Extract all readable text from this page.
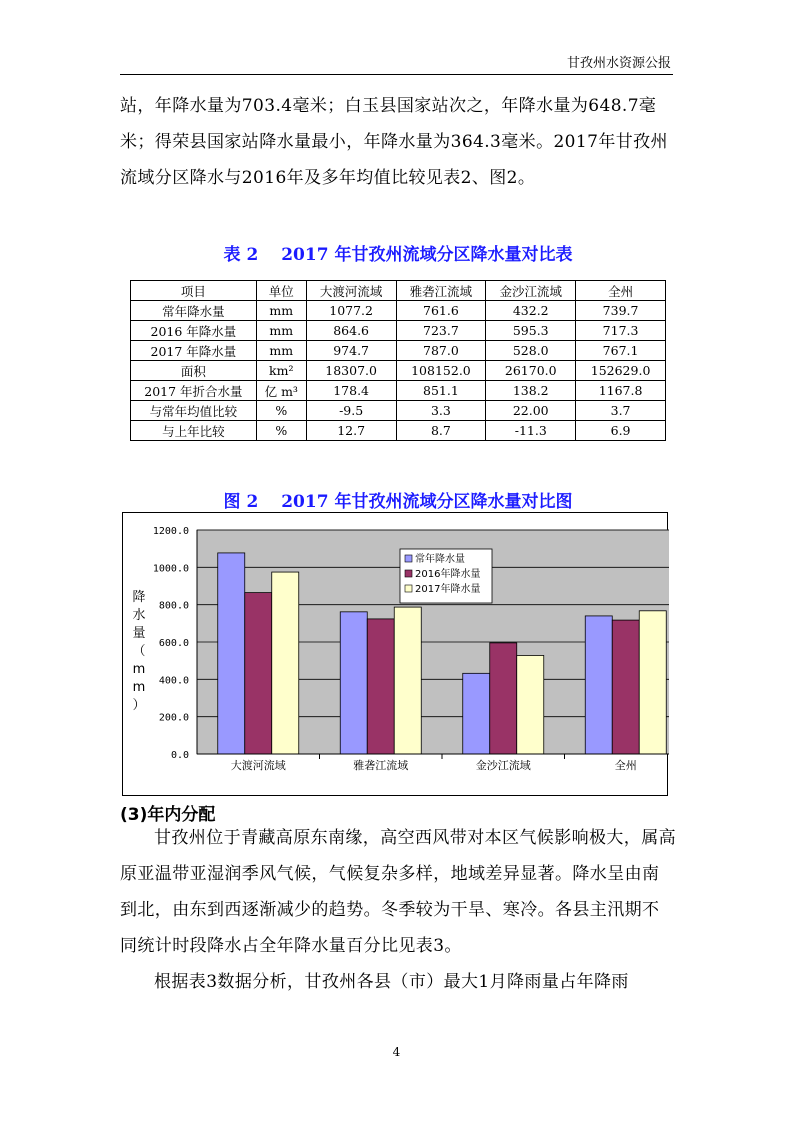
甘孜州水资源公报

站，年降水量为703.4毫米；白玉县国家站次之，年降水量为648.7毫米；得荣县国家站降水量最小，年降水量为364.3毫米。2017年甘孜州流域分区降水与2016年及多年均值比较见表2、图2。

表 2　 2017 年甘孜州流域分区降水量对比表
项目	单位	大渡河流域	雅砻江流域	金沙江流域	全州
常年降水量	mm	1077.2	761.6	432.2	739.7
2016 年降水量	mm	864.6	723.7	595.3	717.3
2017 年降水量	mm	974.7	787.0	528.0	767.1
面积	km²	18307.0	108152.0	26170.0	152629.0
2017 年折合水量	亿 m³	178.4	851.1	138.2	1167.8
与常年均值比较	%	-9.5	3.3	22.00	3.7
与上年比较	%	12.7	8.7	-11.3	6.9
图 2　 2017 年甘孜州流域分区降水量对比图
0.0
200.0
400.0
600.0
800.0
1000.0
1200.0
降
水
量
（
m
m
）
大渡河流域	雅砻江流域	金沙江流域	全州
常年降水量
2016年降水量
2017年降水量
(3)年内分配

甘孜州位于青藏高原东南缘，高空西风带对本区气候影响极大，属高原亚温带亚湿润季风气候，气候复杂多样，地域差异显著。降水呈由南到北，由东到西逐渐减少的趋势。冬季较为干旱、寒冷。各县主汛期不同统计时段降水占全年降水量百分比见表3。

根据表3数据分析，甘孜州各县（市）最大1月降雨量占年降雨

4
